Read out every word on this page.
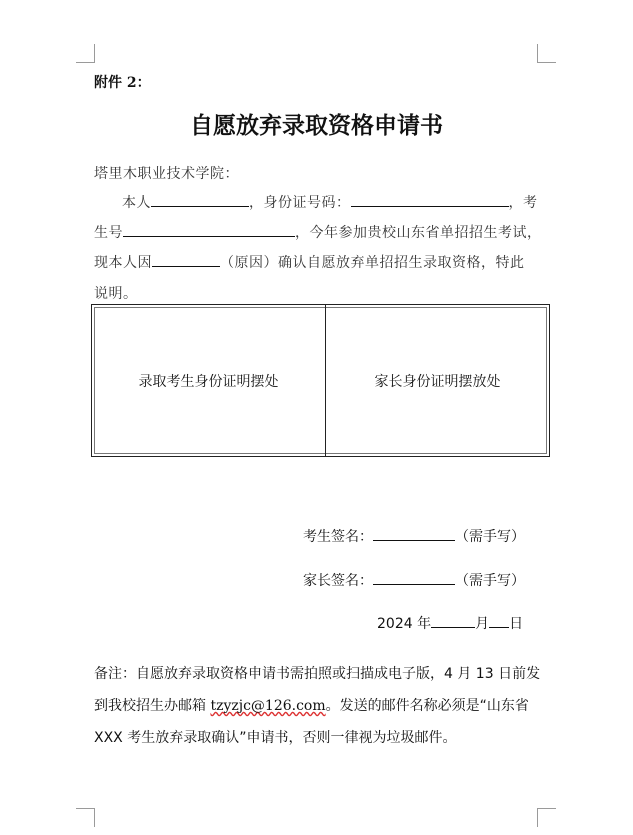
附件 2：
自愿放弃录取资格申请书
塔里木职业技术学院：
本人	，身份证号码：	，考
生号	，今年参加贵校山东省单招招生考试，
现本人因	（原因）确认自愿放弃单招招生录取资格，特此
说明。
录取考生身份证明摆处	家长身份证明摆放处
考生签名：	（需手写）
家长签名：	（需手写）
2024 年	月 日
备注：自愿放弃录取资格申请书需拍照或扫描成电子版，4 月 13 日前发到我校招生办邮箱 tzyzjc@126.com。发送的邮件名称必须是“山东省 XXX 考生放弃录取确认”申请书，否则一律视为垃圾邮件。
